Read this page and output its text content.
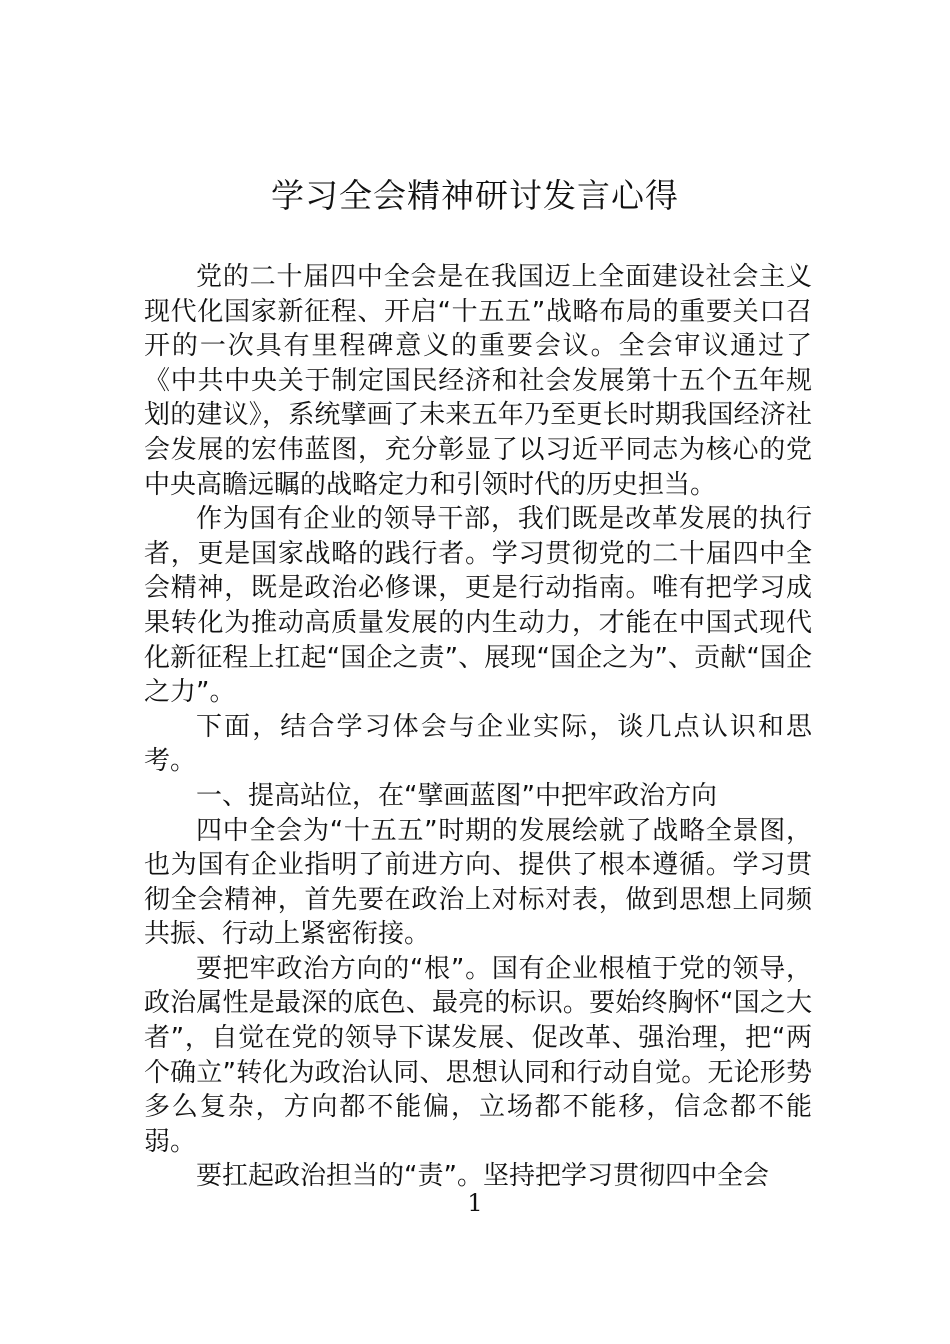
学习全会精神研讨发言心得

党的二十届四中全会是在我国迈上全面建设社会主义现代化国家新征程、开启“十五五”战略布局的重要关口召开的一次具有里程碑意义的重要会议。全会审议通过了《中共中央关于制定国民经济和社会发展第十五个五年规划的建议》，系统擘画了未来五年乃至更长时期我国经济社会发展的宏伟蓝图，充分彰显了以习近平同志为核心的党中央高瞻远瞩的战略定力和引领时代的历史担当。

作为国有企业的领导干部，我们既是改革发展的执行者，更是国家战略的践行者。学习贯彻党的二十届四中全会精神，既是政治必修课，更是行动指南。唯有把学习成果转化为推动高质量发展的内生动力，才能在中国式现代化新征程上扛起“国企之责”、展现“国企之为”、贡献“国企之力”。

下面，结合学习体会与企业实际，谈几点认识和思考。

一、提高站位，在“擘画蓝图”中把牢政治方向

四中全会为“十五五”时期的发展绘就了战略全景图，也为国有企业指明了前进方向、提供了根本遵循。学习贯彻全会精神，首先要在政治上对标对表，做到思想上同频共振、行动上紧密衔接。

要把牢政治方向的“根”。国有企业根植于党的领导，政治属性是最深的底色、最亮的标识。要始终胸怀“国之大者”，自觉在党的领导下谋发展、促改革、强治理，把“两个确立”转化为政治认同、思想认同和行动自觉。无论形势多么复杂，方向都不能偏，立场都不能移，信念都不能弱。

要扛起政治担当的“责”。坚持把学习贯彻四中全会

1
